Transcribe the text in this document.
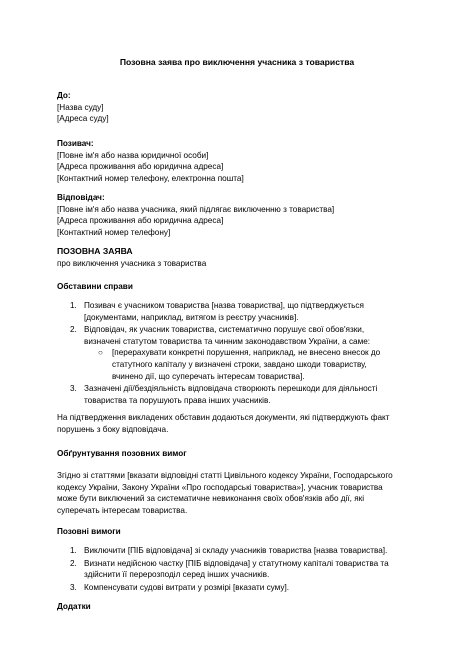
Позовна заява про виключення учасника з товариства
До:
[Назва суду]
[Адреса суду]
Позивач:
[Повне ім'я або назва юридичної особи]
[Адреса проживання або юридична адреса]
[Контактний номер телефону, електронна пошта]
Відповідач:
[Повне ім'я або назва учасника, який підлягає виключенню з товариства]
[Адреса проживання або юридична адреса]
[Контактний номер телефону]
ПОЗОВНА ЗАЯВА
про виключення учасника з товариства
Обставини справи
1. Позивач є учасником товариства [назва товариства], що підтверджується
[документами, наприклад, витягом із реєстру учасників].
2. Відповідач, як учасник товариства, систематично порушує свої обов'язки,
визначені статутом товариства та чинним законодавством України, а саме:
○ [перерахувати конкретні порушення, наприклад, не внесено внесок до
статутного капіталу у визначені строки, завдано шкоди товариству,
вчинено дії, що суперечать інтересам товариства].
3. Зазначені дії/бездіяльність відповідача створюють перешкоди для діяльності
товариства та порушують права інших учасників.
На підтвердження викладених обставин додаються документи, які підтверджують факт
порушень з боку відповідача.
Обґрунтування позовних вимог
Згідно зі статтями [вказати відповідні статті Цивільного кодексу України, Господарського
кодексу України, Закону України «Про господарські товариства»], учасник товариства
може бути виключений за систематичне невиконання своїх обов'язків або дії, які
суперечать інтересам товариства.
Позовні вимоги
1. Виключити [ПІБ відповідача] зі складу учасників товариства [назва товариства].
2. Визнати недійсною частку [ПІБ відповідача] у статутному капіталі товариства та
здійснити її перерозподіл серед інших учасників.
3. Компенсувати судові витрати у розмірі [вказати суму].
Додатки
